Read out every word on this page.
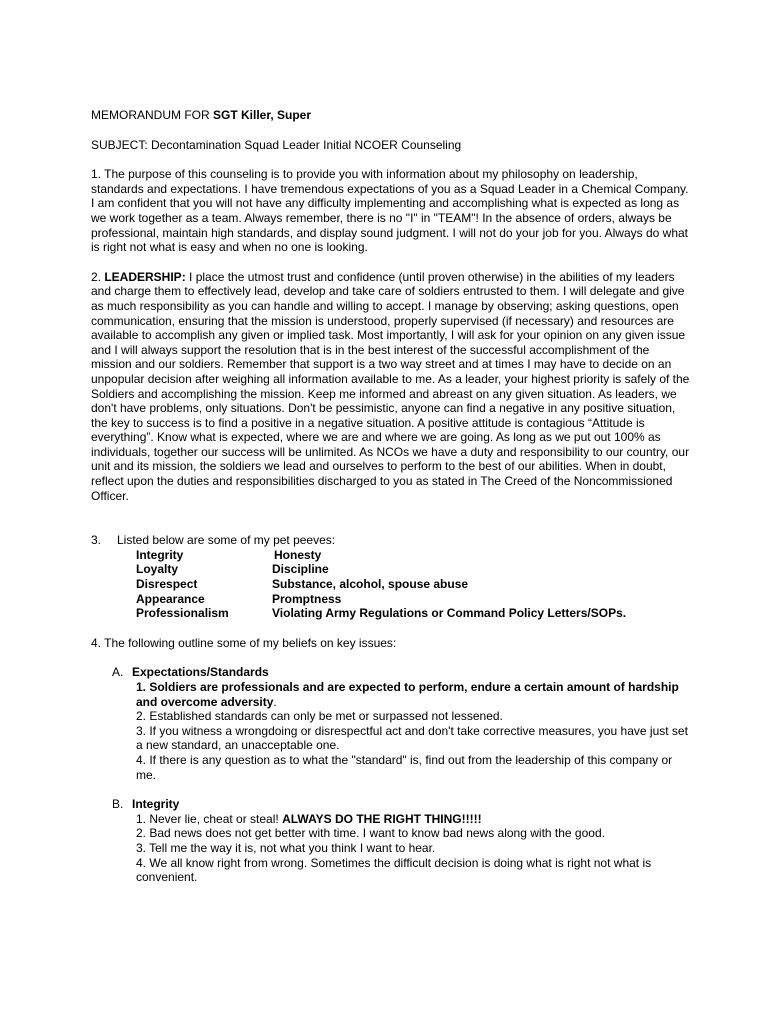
MEMORANDUM FOR SGT Killer, Super

SUBJECT: Decontamination Squad Leader Initial NCOER Counseling

1. The purpose of this counseling is to provide you with information about my philosophy on leadership, standards and expectations. I have tremendous expectations of you as a Squad Leader in a Chemical Company. I am confident that you will not have any difficulty implementing and accomplishing what is expected as long as we work together as a team. Always remember, there is no "I" in "TEAM"! In the absence of orders, always be professional, maintain high standards, and display sound judgment. I will not do your job for you. Always do what is right not what is easy and when no one is looking.

2. LEADERSHIP: I place the utmost trust and confidence (until proven otherwise) in the abilities of my leaders and charge them to effectively lead, develop and take care of soldiers entrusted to them. I will delegate and give as much responsibility as you can handle and willing to accept. I manage by observing; asking questions, open communication, ensuring that the mission is understood, properly supervised (if necessary) and resources are available to accomplish any given or implied task. Most importantly, I will ask for your opinion on any given issue and I will always support the resolution that is in the best interest of the successful accomplishment of the mission and our soldiers. Remember that support is a two way street and at times I may have to decide on an unpopular decision after weighing all information available to me. As a leader, your highest priority is safely of the Soldiers and accomplishing the mission. Keep me informed and abreast on any given situation. As leaders, we don't have problems, only situations. Don't be pessimistic, anyone can find a negative in any positive situation, the key to success is to find a positive in a negative situation. A positive attitude is contagious “Attitude is everything”. Know what is expected, where we are and where we are going. As long as we put out 100% as individuals, together our success will be unlimited. As NCOs we have a duty and responsibility to our country, our unit and its mission, the soldiers we lead and ourselves to perform to the best of our abilities. When in doubt, reflect upon the duties and responsibilities discharged to you as stated in The Creed of the Noncommissioned Officer.

3. Listed below are some of my pet peeves:

Integrity	Honesty
Loyalty	Discipline
Disrespect	Substance, alcohol, spouse abuse
Appearance	Promptness
Professionalism	Violating Army Regulations or Command Policy Letters/SOPs.

4. The following outline some of my beliefs on key issues:

A. Expectations/Standards

1. Soldiers are professionals and are expected to perform, endure a certain amount of hardship and overcome adversity.

2. Established standards can only be met or surpassed not lessened.

3. If you witness a wrongdoing or disrespectful act and don't take corrective measures, you have just set a new standard, an unacceptable one.

4. If there is any question as to what the "standard" is, find out from the leadership of this company or me.

B. Integrity

1. Never lie, cheat or steal! ALWAYS DO THE RIGHT THING!!!!!

2. Bad news does not get better with time. I want to know bad news along with the good.

3. Tell me the way it is, not what you think I want to hear.

4. We all know right from wrong. Sometimes the difficult decision is doing what is right not what is convenient.
